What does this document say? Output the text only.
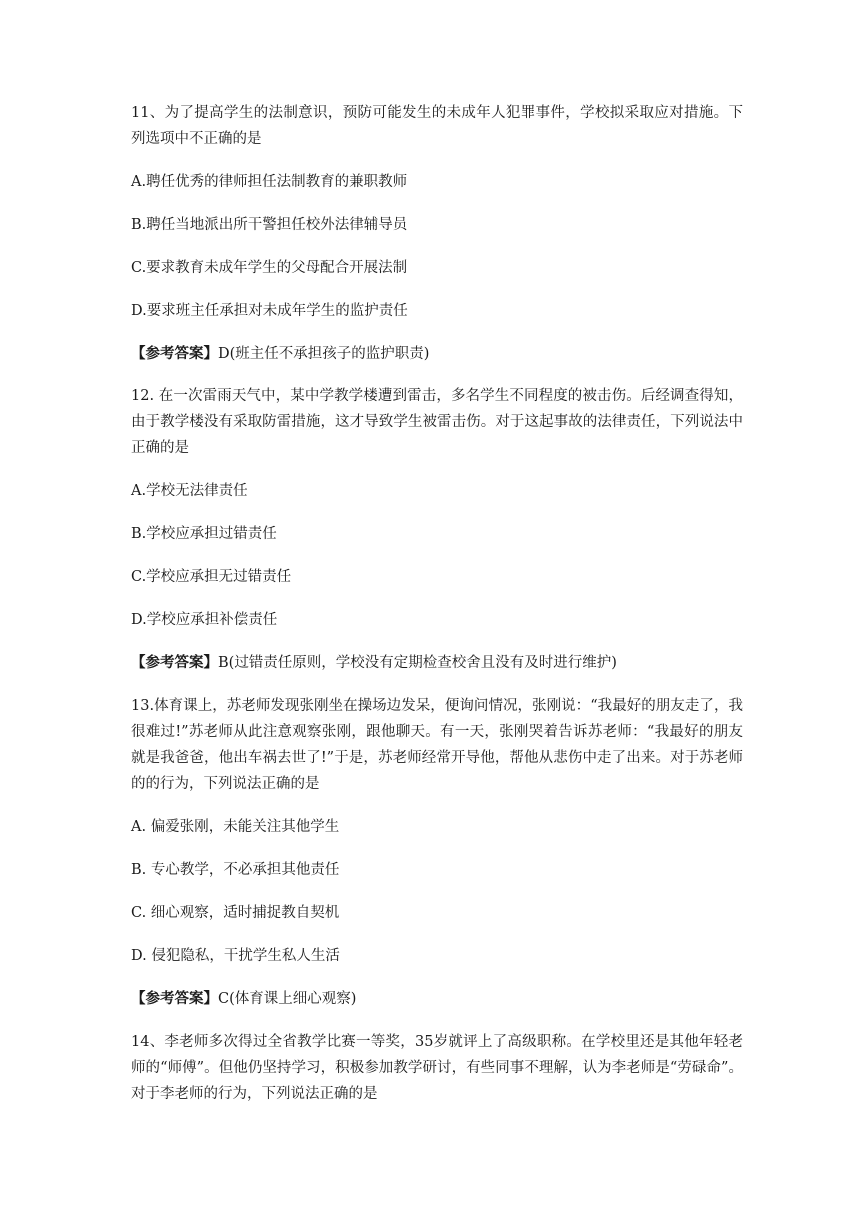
11、为了提高学生的法制意识，预防可能发生的未成年人犯罪事件，学校拟采取应对措施。下列选项中不正确的是

A.聘任优秀的律师担任法制教育的兼职教师

B.聘任当地派出所干警担任校外法律辅导员

C.要求教育未成年学生的父母配合开展法制

D.要求班主任承担对未成年学生的监护责任

【参考答案】D(班主任不承担孩子的监护职责)

12. 在一次雷雨天气中，某中学教学楼遭到雷击，多名学生不同程度的被击伤。后经调查得知，由于教学楼没有采取防雷措施，这才导致学生被雷击伤。对于这起事故的法律责任，下列说法中正确的是

A.学校无法律责任

B.学校应承担过错责任

C.学校应承担无过错责任

D.学校应承担补偿责任

【参考答案】B(过错责任原则，学校没有定期检查校舍且没有及时进行维护)

13.体育课上，苏老师发现张刚坐在操场边发呆，便询问情况，张刚说：“我最好的朋友走了，我很难过!”苏老师从此注意观察张刚，跟他聊天。有一天，张刚哭着告诉苏老师：“我最好的朋友就是我爸爸，他出车祸去世了!”于是，苏老师经常开导他，帮他从悲伤中走了出来。对于苏老师的的行为，下列说法正确的是

A. 偏爱张刚，未能关注其他学生

B. 专心教学，不必承担其他责任

C. 细心观察，适时捕捉教自契机

D. 侵犯隐私，干扰学生私人生活

【参考答案】C(体育课上细心观察)

14、李老师多次得过全省教学比赛一等奖，35岁就评上了高级职称。在学校里还是其他年轻老师的“师傅”。但他仍坚持学习，积极参加教学研讨，有些同事不理解，认为李老师是“劳碌命”。对于李老师的行为，下列说法正确的是
